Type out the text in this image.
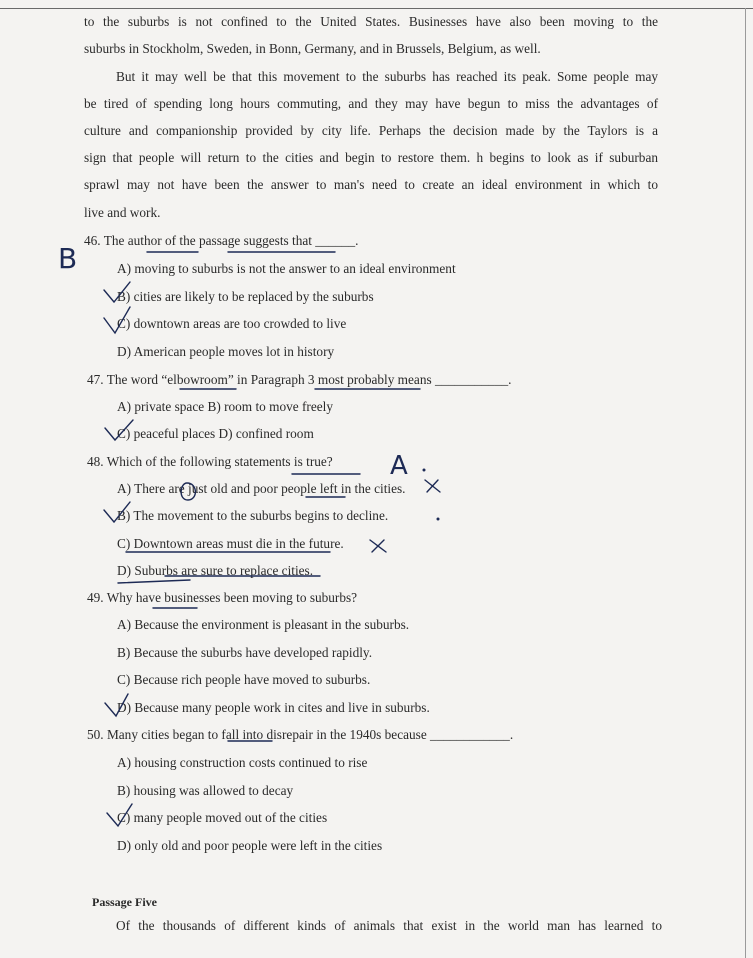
to the suburbs is not confined to the United States. Businesses have also been moving to the
suburbs in Stockholm, Sweden, in Bonn, Germany, and in Brussels, Belgium, as well.
But it may well be that this movement to the suburbs has reached its peak. Some people may
be tired of spending long hours commuting, and they may have begun to miss the advantages of
culture and companionship provided by city life. Perhaps the decision made by the Taylors is a
sign that people will return to the cities and begin to restore them. h begins to look as if suburban
sprawl may not have been the answer to man's need to create an ideal environment in which to
live and work.
46. The author of the passage suggests that ______.
A) moving to suburbs is not the answer to an ideal environment
B) cities are likely to be replaced by the suburbs
C) downtown areas are too crowded to live
D) American people moves lot in history
47. The word “elbowroom” in Paragraph 3 most probably means ___________.
A) private space B) room to move freely
C) peaceful places D) confined room
48. Which of the following statements is true?
A) There are just old and poor people left in the cities.
B) The movement to the suburbs begins to decline.
C) Downtown areas must die in the future.
D) Suburbs are sure to replace cities.
49. Why have businesses been moving to suburbs?
A) Because the environment is pleasant in the suburbs.
B) Because the suburbs have developed rapidly.
C) Because rich people have moved to suburbs.
D) Because many people work in cites and live in suburbs.
50. Many cities began to fall into disrepair in the 1940s because ____________.
A) housing construction costs continued to rise
B) housing was allowed to decay
C) many people moved out of the cities
D) only old and poor people were left in the cities
Passage Five
Of the thousands of different kinds of animals that exist in the world man has learned to
B
A
